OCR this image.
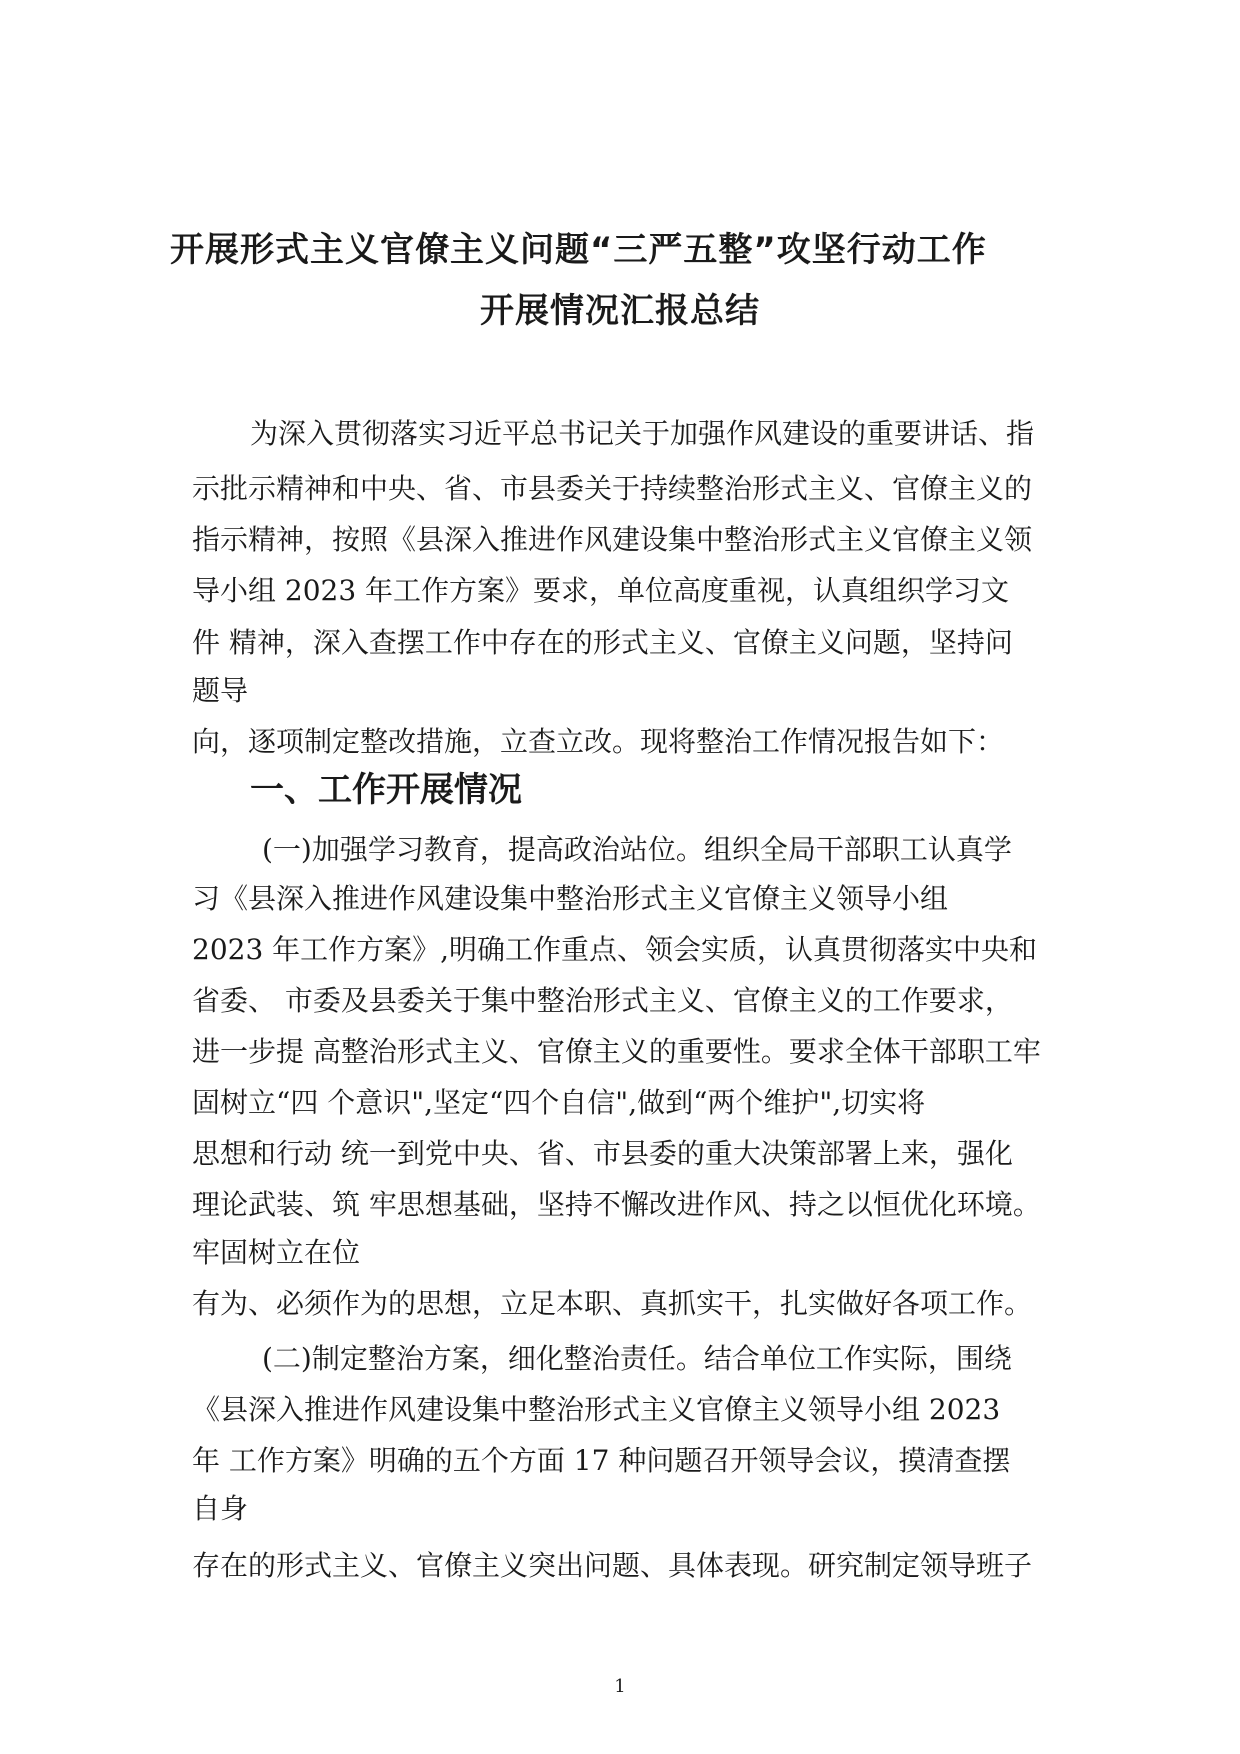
开展形式主义官僚主义问题“三严五整”攻坚行动工作
开展情况汇报总结
为深入贯彻落实习近平总书记关于加强作风建设的重要讲话、指
示批示精神和中央、省、市县委关于持续整治形式主义、官僚主义的
指示精神，按照《县深入推进作风建设集中整治形式主义官僚主义领
导小组 2023 年工作方案》要求，单位高度重视，认真组织学习文
件 精神，深入查摆工作中存在的形式主义、官僚主义问题，坚持问
题导
向，逐项制定整改措施，立查立改。现将整治工作情况报告如下：
一、工作开展情况
(一)加强学习教育，提高政治站位。组织全局干部职工认真学
习《县深入推进作风建设集中整治形式主义官僚主义领导小组
2023 年工作方案》,明确工作重点、领会实质，认真贯彻落实中央和
省委、 市委及县委关于集中整治形式主义、官僚主义的工作要求，
进一步提 高整治形式主义、官僚主义的重要性。要求全体干部职工牢
固树立“四 个意识",坚定“四个自信",做到“两个维护",切实将
思想和行动 统一到党中央、省、市县委的重大决策部署上来，强化
理论武装、筑 牢思想基础，坚持不懈改进作风、持之以恒优化环境。
牢固树立在位
有为、必须作为的思想，立足本职、真抓实干，扎实做好各项工作。
(二)制定整治方案，细化整治责任。结合单位工作实际，围绕
《县深入推进作风建设集中整治形式主义官僚主义领导小组 2023
年 工作方案》明确的五个方面 17 种问题召开领导会议，摸清查摆
自身
存在的形式主义、官僚主义突出问题、具体表现。研究制定领导班子
1
